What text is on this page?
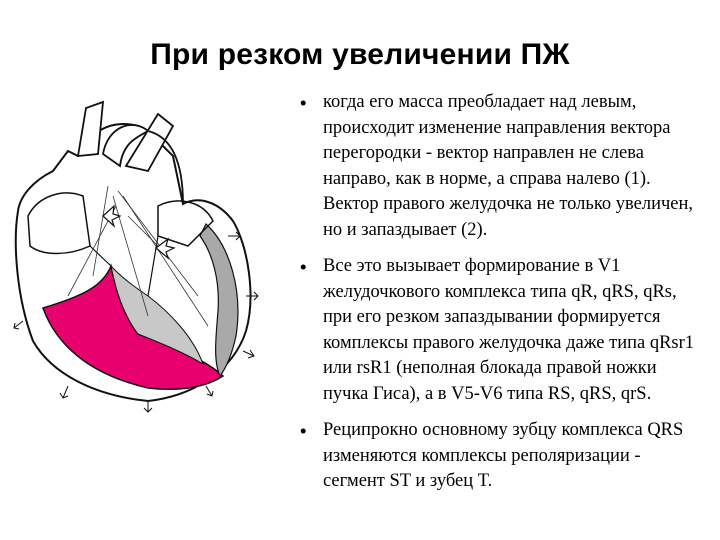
При резком увеличении ПЖ
• когда его масса преобладает над левым, происходит изменение направления вектора перегородки - вектор направлен не слева направо, как в норме, а справа налево (1). Вектор правого желудочка не только увеличен, но и запаздывает (2).
• Все это вызывает формирование в V1 желудочкового комплекса типа qR, qRS, qRs, при его резком запаздывании формируется комплексы правого желудочка даже типа qRsr1 или rsR1 (неполная блокада правой ножки пучка Гиса), а в V5-V6 типа RS, qRS, qrS.
• Реципрокно основному зубцу комплекса QRS изменяются комплексы реполяризации - сегмент ST и зубец T.
